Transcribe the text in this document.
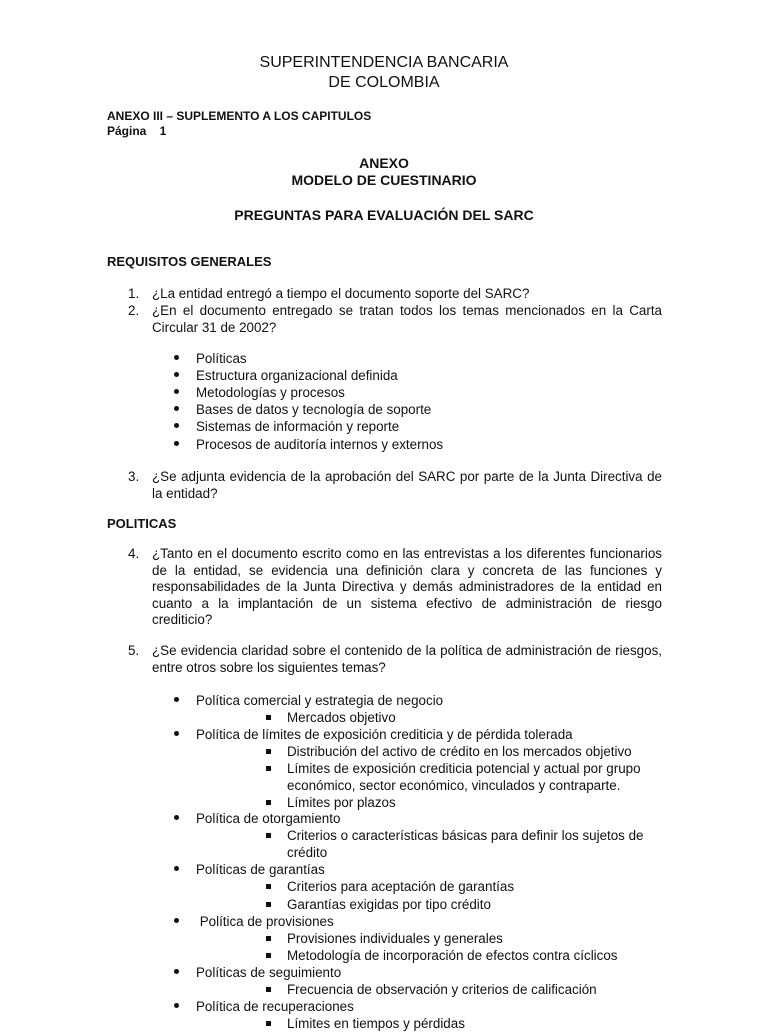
SUPERINTENDENCIA BANCARIA
DE COLOMBIA
ANEXO III – SUPLEMENTO A LOS CAPITULOS
Página    1
ANEXO
MODELO DE CUESTINARIO
PREGUNTAS PARA EVALUACIÓN DEL SARC
REQUISITOS GENERALES
1. ¿La entidad entregó a tiempo el documento soporte del SARC?
2. ¿En el documento entregado se tratan todos los temas mencionados en la Carta Circular 31 de 2002?
Políticas
Estructura organizacional definida
Metodologías y procesos
Bases de datos y tecnología de soporte
Sistemas de información y reporte
Procesos de auditoría internos y externos
3. ¿Se adjunta evidencia de la aprobación del SARC por parte de la Junta Directiva de la entidad?
POLITICAS
4. ¿Tanto en el documento escrito como en las entrevistas a los diferentes funcionarios de la entidad, se evidencia una definición clara y concreta de las funciones y responsabilidades de la Junta Directiva y demás administradores de la entidad en cuanto a la implantación de un sistema efectivo de administración de riesgo crediticio?
5. ¿Se evidencia claridad sobre el contenido de la política de administración de riesgos, entre otros sobre los siguientes temas?
Política comercial y estrategia de negocio
Mercados objetivo
Política de límites de exposición crediticia y de pérdida tolerada
Distribución del activo de crédito en los mercados objetivo
Límites de exposición crediticia potencial y actual por grupo económico, sector económico, vinculados y contraparte.
Límites por plazos
Política de otorgamiento
Criterios o características básicas para definir los sujetos de crédito
Políticas de garantías
Criterios para aceptación de garantías
Garantías exigidas por tipo crédito
Política de provisiones
Provisiones individuales y generales
Metodología de incorporación de efectos contra cíclicos
Políticas de seguimiento
Frecuencia de observación y criterios de calificación
Política de recuperaciones
Límites en tiempos y pérdidas
